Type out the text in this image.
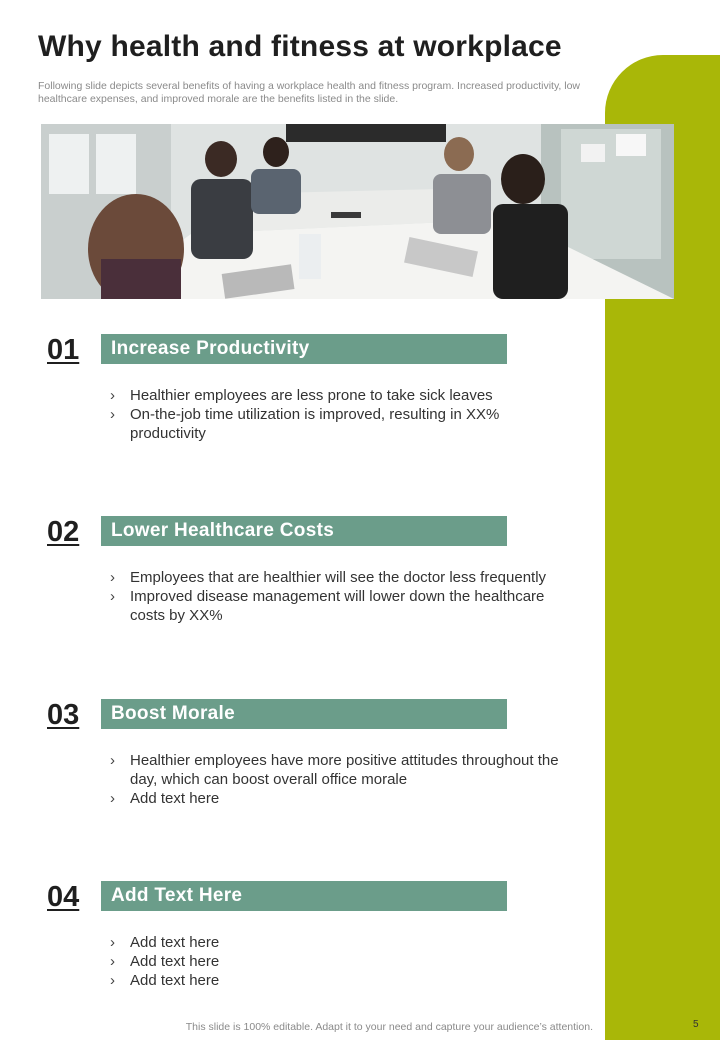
Why health and fitness at workplace

Following slide depicts several benefits of having a workplace health and fitness program. Increased productivity, low healthcare expenses, and improved morale are the benefits listed in the slide.

01	Increase Productivity
› Healthier employees are less prone to take sick leaves
› On-the-job time utilization is improved, resulting in XX% productivity
02	Lower Healthcare Costs
› Employees that are healthier will see the doctor less frequently
› Improved disease management will lower down the healthcare costs by XX%
03	Boost Morale
› Healthier employees have more positive attitudes throughout the day, which can boost overall office morale
› Add text here
04	Add Text Here
› Add text here
› Add text here
› Add text here
This slide is 100% editable. Adapt it to your need and capture your audience’s attention.	5
